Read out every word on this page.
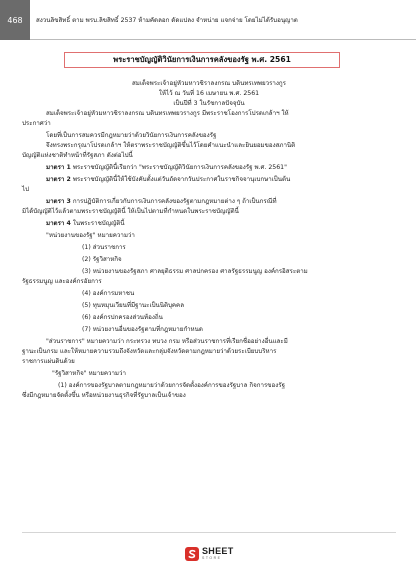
468	สงวนลิขสิทธิ์ ตาม พรบ.ลิขสิทธิ์ 2537 ห้ามคัดลอก ดัดแปลง จำหน่าย แจกจ่าย โดยไม่ได้รับอนุญาต
พระราชบัญญัติวินัยการเงินการคลังของรัฐ พ.ศ. 2561
สมเด็จพระเจ้าอยู่หัวมหาวชิราลงกรณ บดินทรเทพยวรางกูร
ให้ไว้ ณ วันที่ 16 เมษายน พ.ศ. 2561
เป็นปีที่ 3 ในรัชกาลปัจจุบัน
สมเด็จพระเจ้าอยู่หัวมหาวชิราลงกรณ บดินทรเทพยวรางกูร มีพระราชโองการโปรดเกล้าฯ ให้
ประกาศว่า
โดยที่เป็นการสมควรมีกฎหมายว่าด้วยวินัยการเงินการคลังของรัฐ
จึงทรงพระกรุณาโปรดเกล้าฯ ให้ตราพระราชบัญญัติขึ้นไว้โดยคำแนะนำและยินยอมของสภานิติ
บัญญัติแห่งชาติทำหน้าที่รัฐสภา ดังต่อไปนี้
มาตรา 1 พระราชบัญญัตินี้เรียกว่า "พระราชบัญญัติวินัยการเงินการคลังของรัฐ พ.ศ. 2561"
มาตรา 2 พระราชบัญญัตินี้ให้ใช้บังคับตั้งแต่วันถัดจากวันประกาศในราชกิจจานุเบกษาเป็นต้น
ไป
มาตรา 3 การปฏิบัติการเกี่ยวกับการเงินการคลังของรัฐตามกฎหมายต่าง ๆ ถ้าเป็นกรณีที่
มิได้บัญญัติไว้แล้วตามพระราชบัญญัตินี้ ให้เป็นไปตามที่กำหนดในพระราชบัญญัตินี้
มาตรา 4 ในพระราชบัญญัตินี้
"หน่วยงานของรัฐ" หมายความว่า
(1) ส่วนราชการ
(2) รัฐวิสาหกิจ
(3) หน่วยงานของรัฐสภา ศาลยุติธรรม ศาลปกครอง ศาลรัฐธรรมนูญ องค์กรอิสระตาม
รัฐธรรมนูญ และองค์กรอัยการ
(4) องค์การมหาชน
(5) ทุนหมุนเวียนที่มีฐานะเป็นนิติบุคคล
(6) องค์กรปกครองส่วนท้องถิ่น
(7) หน่วยงานอื่นของรัฐตามที่กฎหมายกำหนด
"ส่วนราชการ" หมายความว่า กระทรวง ทบวง กรม หรือส่วนราชการที่เรียกชื่ออย่างอื่นและมี
ฐานะเป็นกรม และให้หมายความรวมถึงจังหวัดและกลุ่มจังหวัดตามกฎหมายว่าด้วยระเบียบบริหาร
ราชการแผ่นดินด้วย
"รัฐวิสาหกิจ" หมายความว่า
(1) องค์การของรัฐบาลตามกฎหมายว่าด้วยการจัดตั้งองค์การของรัฐบาล กิจการของรัฐ
ซึ่งมีกฎหมายจัดตั้งขึ้น หรือหน่วยงานธุรกิจที่รัฐบาลเป็นเจ้าของ
SHEET
STORE
